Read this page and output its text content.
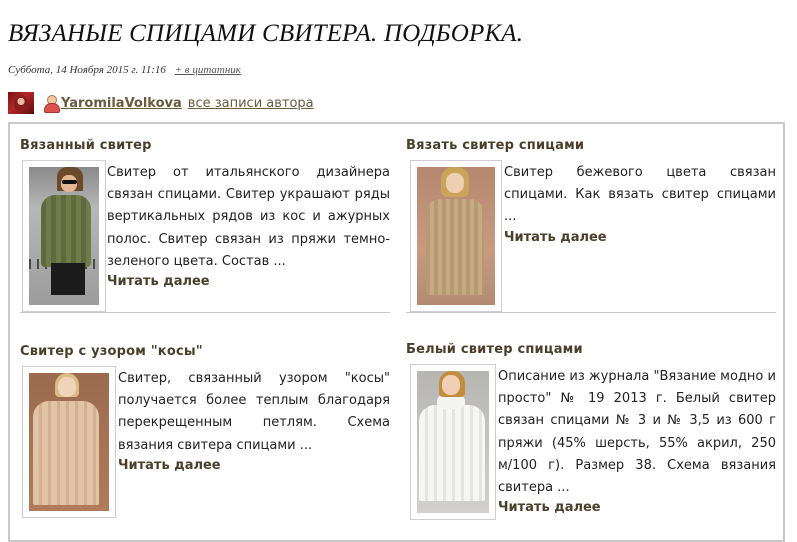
ВЯЗАНЫЕ СПИЦАМИ СВИТЕРА. ПОДБОРКА.
Суббота, 14 Ноября 2015 г. 11:16 + в цитатник
YaromilaVolkova все записи автора
Вязанный свитер

Свитер от итальянского дизайнера связан спицами. Свитер украшают ряды вертикальных рядов из кос и ажурных полос. Свитер связан из пряжи темно-зеленого цвета. Состав ...

Читать далее
Вязать свитер спицами

Свитер бежевого цвета связан спицами. Как вязать свитер спицами ...

Читать далее
Свитер с узором "косы"

Свитер, связанный узором "косы" получается более теплым благодаря перекрещенным петлям. Схема вязания свитера спицами ...

Читать далее
Белый свитер спицами

Описание из журнала "Вязание модно и просто" № 19 2013 г. Белый свитер связан спицами № 3 и № 3,5 из 600 г пряжи (45% шерсть, 55% акрил, 250 м/100 г). Размер 38. Схема вязания свитера ...

Читать далее
